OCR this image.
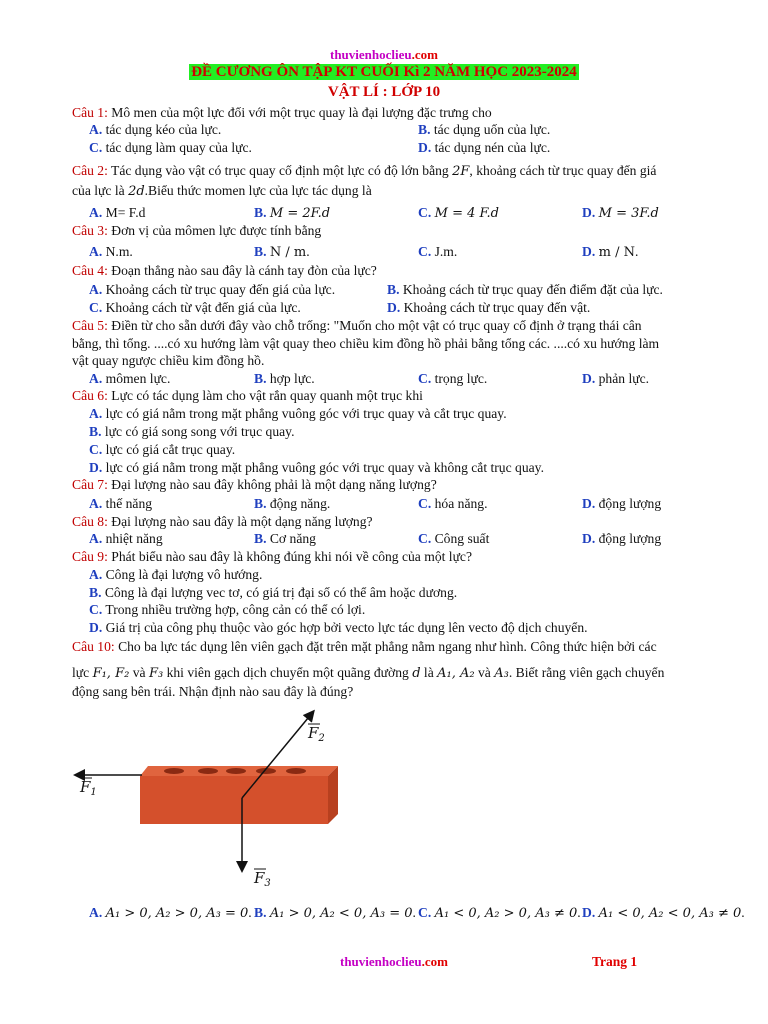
thuvienhoclieu.com
ĐỀ CƯƠNG ÔN TẬP KT CUỐI Kì 2 NĂM HỌC 2023-2024
VẬT LÍ : LỚP 10
Câu 1: Mô men của một lực đối với một trục quay là đại lượng đặc trưng cho
A. tác dụng kéo của lực.	B. tác dụng uốn của lực.
C. tác dụng làm quay của lực.	D. tác dụng nén của lực.
Câu 2: Tác dụng vào vật có trục quay cố định một lực có độ lớn bằng 2F, khoảng cách từ trục quay đến giá
của lực là 2d.Biểu thức momen lực của lực tác dụng là
A. M= F.d	B. M = 2F.d	C. M = 4 F.d	D. M = 3F.d
Câu 3: Đơn vị của mômen lực được tính bằng
A. N.m.	B. N / m.	C. J.m.	D. m / N.
Câu 4: Đoạn thẳng nào sau đây là cánh tay đòn của lực?
A. Khoảng cách từ trục quay đến giá của lực.	B. Khoảng cách từ trục quay đến điểm đặt của lực.
C. Khoảng cách từ vật đến giá của lực.	D. Khoảng cách từ trục quay đến vật.
Câu 5: Điền từ cho sẵn dưới đây vào chỗ trống: "Muốn cho một vật có trục quay cố định ở trạng thái cân
bằng, thì tổng. ....có xu hướng làm vật quay theo chiều kim đồng hồ phải bằng tổng các. ....có xu hướng làm
vật quay ngược chiều kim đồng hồ.
A. mômen lực.	B. hợp lực.	C. trọng lực.	D. phản lực.
Câu 6: Lực có tác dụng làm cho vật rắn quay quanh một trục khi
A. lực có giá nằm trong mặt phẳng vuông góc với trục quay và cắt trục quay.
B. lực có giá song song với trục quay.
C. lực có giá cắt trục quay.
D. lực có giá nằm trong mặt phẳng vuông góc với trục quay và không cắt trục quay.
Câu 7: Đại lượng nào sau đây không phải là một dạng năng lượng?
A. thế năng	B. động năng.	C. hóa năng.	D. động lượng
Câu 8: Đại lượng nào sau đây là một dạng năng lượng?
A. nhiệt năng	B. Cơ năng	C. Công suất	D. động lượng
Câu 9: Phát biểu nào sau đây là không đúng khi nói về công của một lực?
A. Công là đại lượng vô hướng.
B. Công là đại lượng vec tơ, có giá trị đại số có thể âm hoặc dương.
C. Trong nhiều trường hợp, công cản có thể có lợi.
D. Giá trị của công phụ thuộc vào góc hợp bởi vecto lực tác dụng lên vecto độ dịch chuyển.
Câu 10: Cho ba lực tác dụng lên viên gạch đặt trên mặt phẳng nằm ngang như hình. Công thức hiện bởi các
lực F₁, F₂ và F₃ khi viên gạch dịch chuyển một quãng đường d là A₁, A₂ và A₃. Biết rằng viên gạch chuyển
động sang bên trái. Nhận định nào sau đây là đúng?
$F_1$
$F_2$
$F_3$
A. A₁ > 0, A₂ > 0, A₃ = 0. B. A₁ > 0, A₂ < 0, A₃ = 0. C. A₁ < 0, A₂ > 0, A₃ ≠ 0. D. A₁ < 0, A₂ < 0, A₃ ≠ 0.
thuvienhoclieu.com	Trang 1
